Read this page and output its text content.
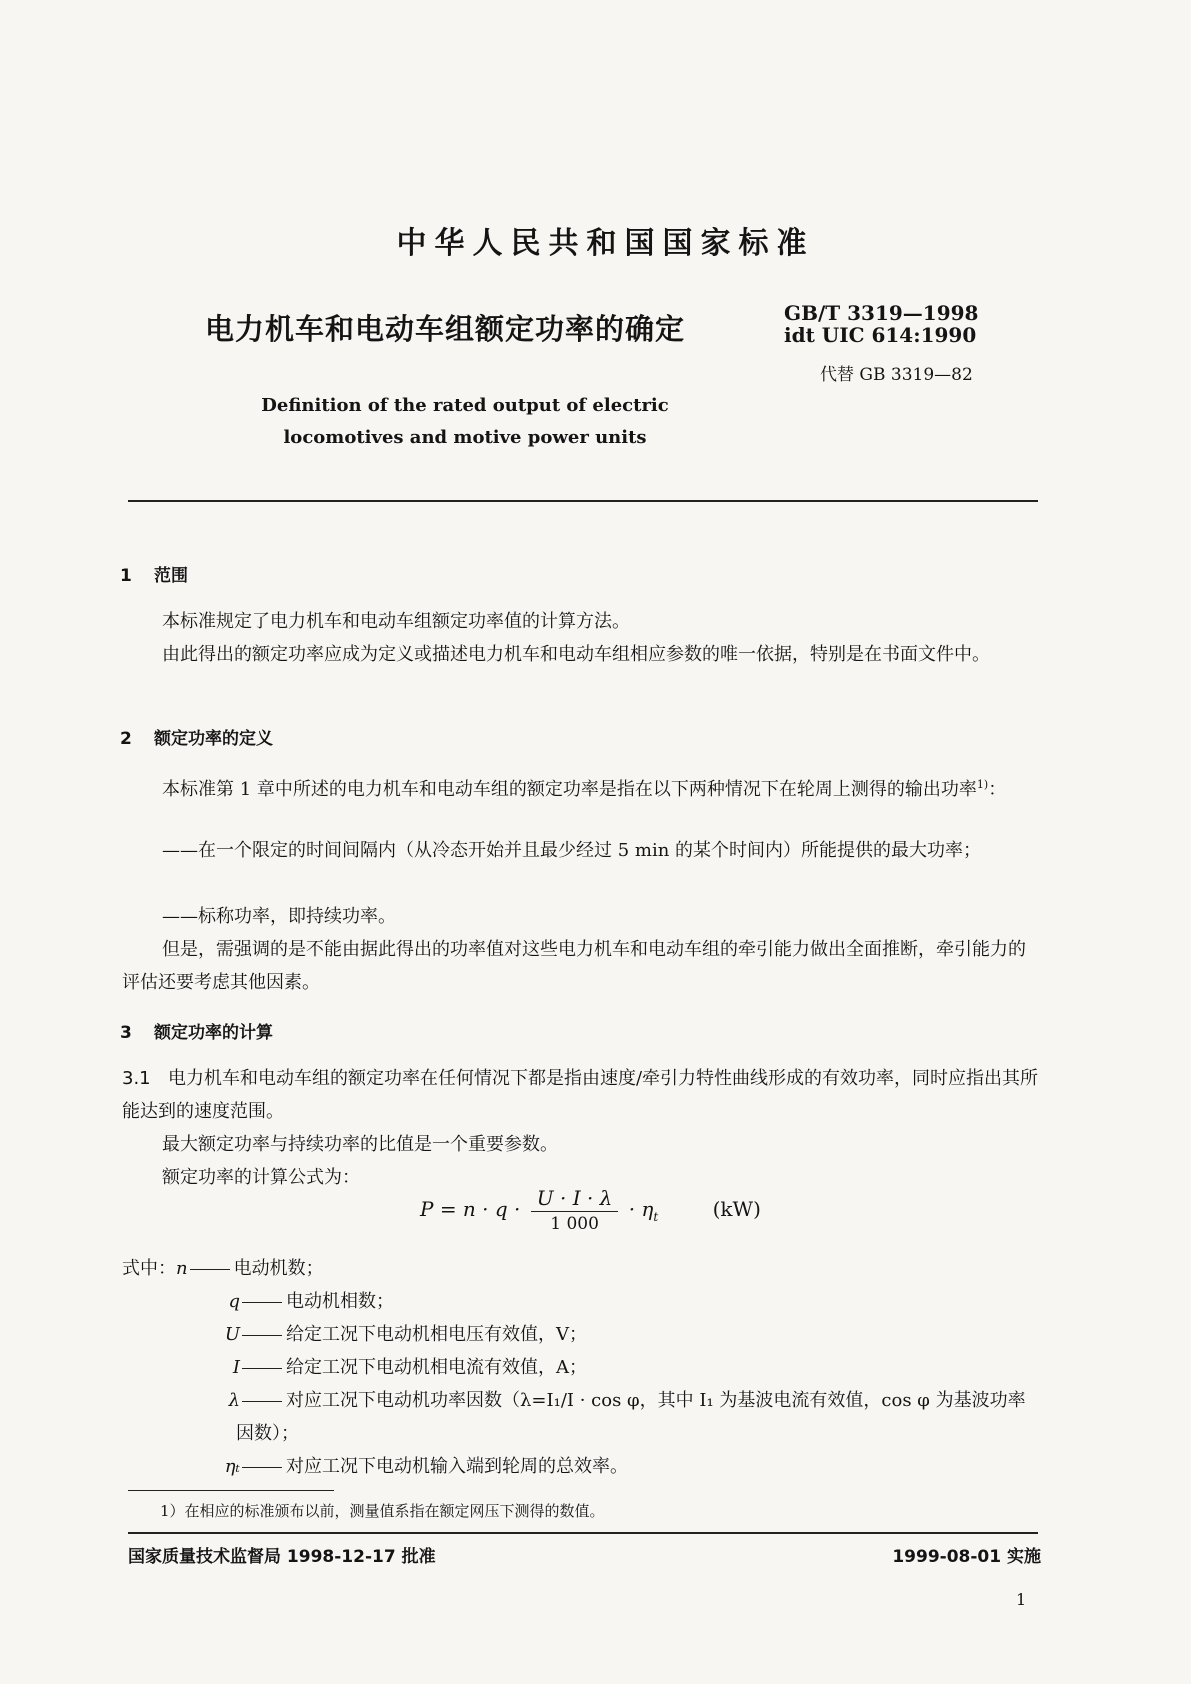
中华人民共和国国家标准
电力机车和电动车组额定功率的确定	GB/T 3319—1998

idt UIC 614:1990
代替 GB 3319—82
Definition of the rated output of electric
locomotives and motive power units
1 范围
本标准规定了电力机车和电动车组额定功率值的计算方法。
由此得出的额定功率应成为定义或描述电力机车和电动车组相应参数的唯一依据，特别是在书面文件中。
2 额定功率的定义
本标准第 1 章中所述的电力机车和电动车组的额定功率是指在以下两种情况下在轮周上测得的输出功率$^{1)}$：
——在一个限定的时间间隔内（从冷态开始并且最少经过 5 min 的某个时间内）所能提供的最大功率；
——标称功率，即持续功率。
但是，需强调的是不能由据此得出的功率值对这些电力机车和电动车组的牵引能力做出全面推断，牵引能力的评估还要考虑其他因素。
3 额定功率的计算
3.1 电力机车和电动车组的额定功率在任何情况下都是指由速度/牵引力特性曲线形成的有效功率，同时应指出其所能达到的速度范围。
最大额定功率与持续功率的比值是一个重要参数。
额定功率的计算公式为：
$P = n \cdot q \cdot \frac{U \cdot I \cdot \lambda}{1 000} \cdot \eta_t$	(kW)
式中：n	电动机数；
q	电动机相数；
U	给定工况下电动机相电压有效值，V；
I	给定工况下电动机相电流有效值，A；
λ	对应工况下电动机功率因数（λ=I₁/I · cos φ，其中 I₁ 为基波电流有效值，cos φ 为基波功率
因数）；
ηₜ	对应工况下电动机输入端到轮周的总效率。
1）在相应的标准颁布以前，测量值系指在额定网压下测得的数值。
国家质量技术监督局 1998-12-17 批准	1999-08-01 实施
1
